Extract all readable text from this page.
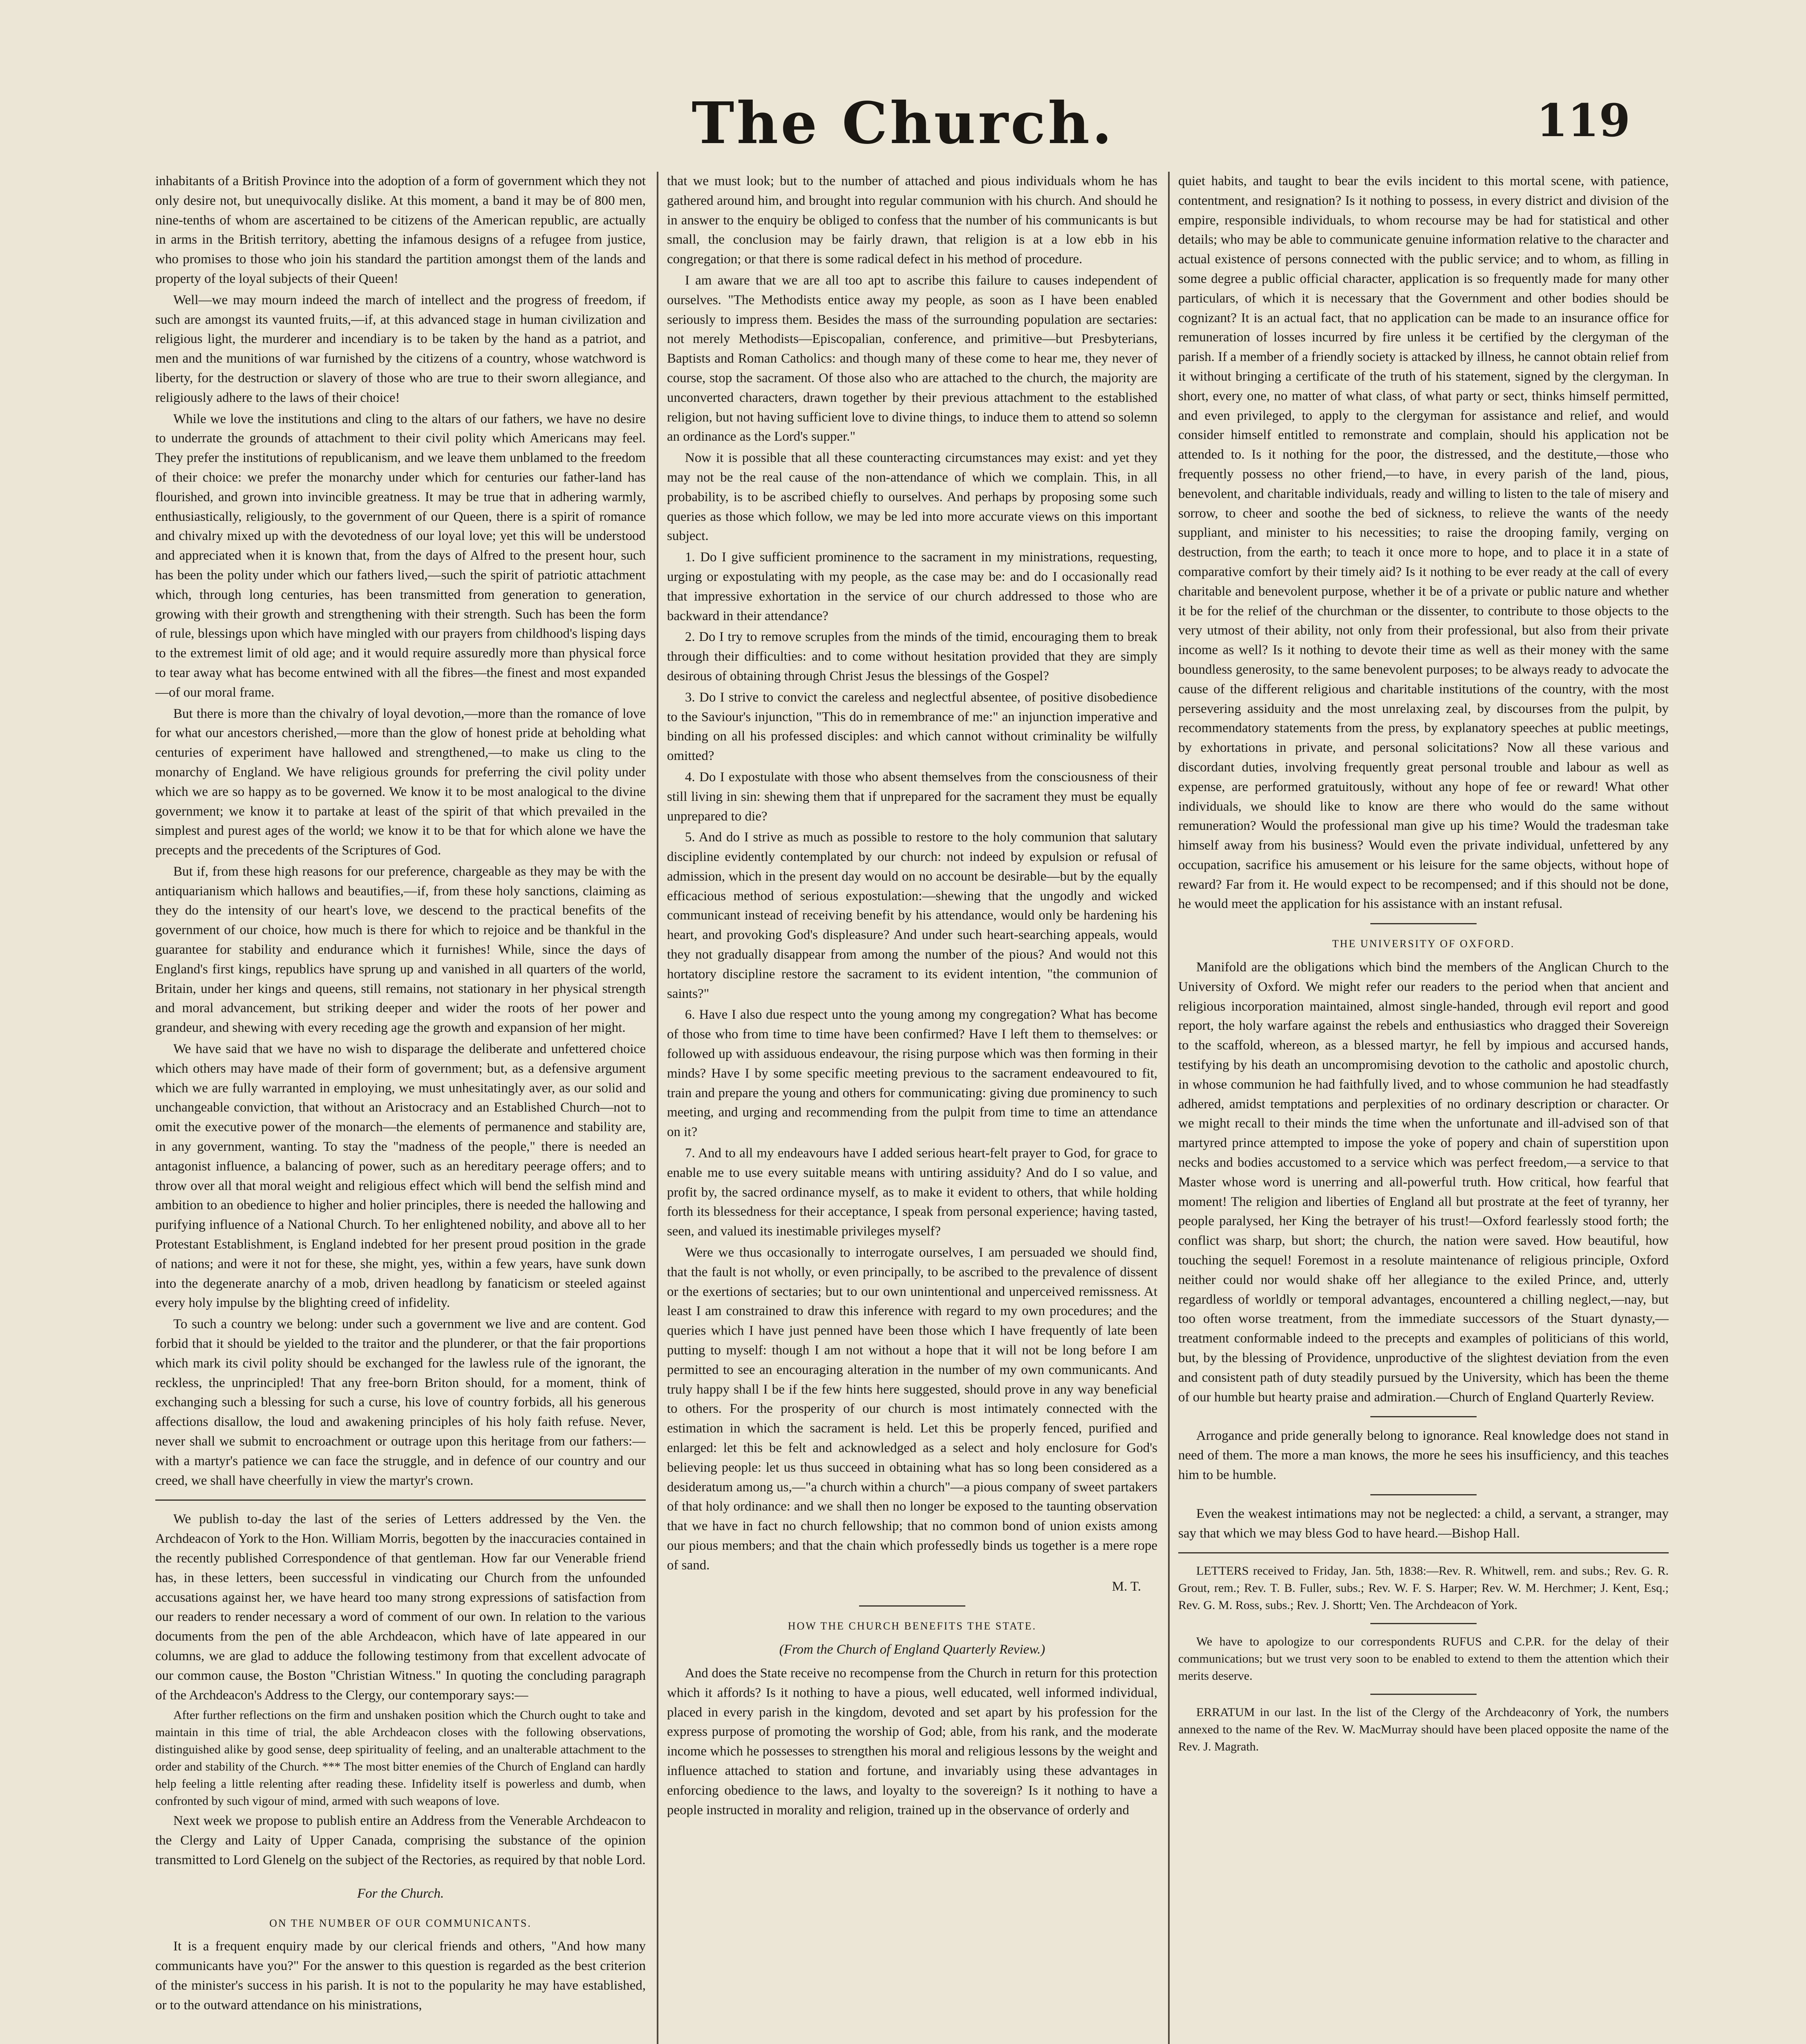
The Church.	119

inhabitants of a British Province into the adoption of a form of government which they not only desire not, but unequivocally dislike. At this moment, a band it may be of 800 men, nine-tenths of whom are ascertained to be citizens of the American republic, are actually in arms in the British territory, abetting the infamous designs of a refugee from justice, who promises to those who join his standard the partition amongst them of the lands and property of the loyal subjects of their Queen!

Well—we may mourn indeed the march of intellect and the progress of freedom, if such are amongst its vaunted fruits,—if, at this advanced stage in human civilization and religious light, the murderer and incendiary is to be taken by the hand as a patriot, and men and the munitions of war furnished by the citizens of a country, whose watchword is liberty, for the destruction or slavery of those who are true to their sworn allegiance, and religiously adhere to the laws of their choice!

While we love the institutions and cling to the altars of our fathers, we have no desire to underrate the grounds of attachment to their civil polity which Americans may feel. They prefer the institutions of republicanism, and we leave them unblamed to the freedom of their choice: we prefer the monarchy under which for centuries our father-land has flourished, and grown into invincible greatness. It may be true that in adhering warmly, enthusiastically, religiously, to the government of our Queen, there is a spirit of romance and chivalry mixed up with the devotedness of our loyal love; yet this will be understood and appreciated when it is known that, from the days of Alfred to the present hour, such has been the polity under which our fathers lived,—such the spirit of patriotic attachment which, through long centuries, has been transmitted from generation to generation, growing with their growth and strengthening with their strength. Such has been the form of rule, blessings upon which have mingled with our prayers from childhood's lisping days to the extremest limit of old age; and it would require assuredly more than physical force to tear away what has become entwined with all the fibres—the finest and most expanded—of our moral frame.

But there is more than the chivalry of loyal devotion,—more than the romance of love for what our ancestors cherished,—more than the glow of honest pride at beholding what centuries of experiment have hallowed and strengthened,—to make us cling to the monarchy of England. We have religious grounds for preferring the civil polity under which we are so happy as to be governed. We know it to be most analogical to the divine government; we know it to partake at least of the spirit of that which prevailed in the simplest and purest ages of the world; we know it to be that for which alone we have the precepts and the precedents of the Scriptures of God.

But if, from these high reasons for our preference, chargeable as they may be with the antiquarianism which hallows and beautifies,—if, from these holy sanctions, claiming as they do the intensity of our heart's love, we descend to the practical benefits of the government of our choice, how much is there for which to rejoice and be thankful in the guarantee for stability and endurance which it furnishes! While, since the days of England's first kings, republics have sprung up and vanished in all quarters of the world, Britain, under her kings and queens, still remains, not stationary in her physical strength and moral advancement, but striking deeper and wider the roots of her power and grandeur, and shewing with every receding age the growth and expansion of her might.

We have said that we have no wish to disparage the deliberate and unfettered choice which others may have made of their form of government; but, as a defensive argument which we are fully warranted in employing, we must unhesitatingly aver, as our solid and unchangeable conviction, that without an Aristocracy and an Established Church—not to omit the executive power of the monarch—the elements of permanence and stability are, in any government, wanting. To stay the "madness of the people," there is needed an antagonist influence, a balancing of power, such as an hereditary peerage offers; and to throw over all that moral weight and religious effect which will bend the selfish mind and ambition to an obedience to higher and holier principles, there is needed the hallowing and purifying influence of a National Church. To her enlightened nobility, and above all to her Protestant Establishment, is England indebted for her present proud position in the grade of nations; and were it not for these, she might, yes, within a few years, have sunk down into the degenerate anarchy of a mob, driven headlong by fanaticism or steeled against every holy impulse by the blighting creed of infidelity.

To such a country we belong: under such a government we live and are content. God forbid that it should be yielded to the traitor and the plunderer, or that the fair proportions which mark its civil polity should be exchanged for the lawless rule of the ignorant, the reckless, the unprincipled! That any free-born Briton should, for a moment, think of exchanging such a blessing for such a curse, his love of country forbids, all his generous affections disallow, the loud and awakening principles of his holy faith refuse. Never, never shall we submit to encroachment or outrage upon this heritage from our fathers:—with a martyr's patience we can face the struggle, and in defence of our country and our creed, we shall have cheerfully in view the martyr's crown.

We publish to-day the last of the series of Letters addressed by the Ven. the Archdeacon of York to the Hon. William Morris, begotten by the inaccuracies contained in the recently published Correspondence of that gentleman. How far our Venerable friend has, in these letters, been successful in vindicating our Church from the unfounded accusations against her, we have heard too many strong expressions of satisfaction from our readers to render necessary a word of comment of our own. In relation to the various documents from the pen of the able Archdeacon, which have of late appeared in our columns, we are glad to adduce the following testimony from that excellent advocate of our common cause, the Boston "Christian Witness." In quoting the concluding paragraph of the Archdeacon's Address to the Clergy, our contemporary says:—

After further reflections on the firm and unshaken position which the Church ought to take and maintain in this time of trial, the able Archdeacon closes with the following observations, distinguished alike by good sense, deep spirituality of feeling, and an unalterable attachment to the order and stability of the Church. *** The most bitter enemies of the Church of England can hardly help feeling a little relenting after reading these. Infidelity itself is powerless and dumb, when confronted by such vigour of mind, armed with such weapons of love.

Next week we propose to publish entire an Address from the Venerable Archdeacon to the Clergy and Laity of Upper Canada, comprising the substance of the opinion transmitted to Lord Glenelg on the subject of the Rectories, as required by that noble Lord.

For the Church.
ON THE NUMBER OF OUR COMMUNICANTS.

It is a frequent enquiry made by our clerical friends and others, "And how many communicants have you?" For the answer to this question is regarded as the best criterion of the minister's success in his parish. It is not to the popularity he may have established, or to the outward attendance on his ministrations,

that we must look; but to the number of attached and pious individuals whom he has gathered around him, and brought into regular communion with his church. And should he in answer to the enquiry be obliged to confess that the number of his communicants is but small, the conclusion may be fairly drawn, that religion is at a low ebb in his congregation; or that there is some radical defect in his method of procedure.

I am aware that we are all too apt to ascribe this failure to causes independent of ourselves. "The Methodists entice away my people, as soon as I have been enabled seriously to impress them. Besides the mass of the surrounding population are sectaries: not merely Methodists—Episcopalian, conference, and primitive—but Presbyterians, Baptists and Roman Catholics: and though many of these come to hear me, they never of course, stop the sacrament. Of those also who are attached to the church, the majority are unconverted characters, drawn together by their previous attachment to the established religion, but not having sufficient love to divine things, to induce them to attend so solemn an ordinance as the Lord's supper."

Now it is possible that all these counteracting circumstances may exist: and yet they may not be the real cause of the non-attendance of which we complain. This, in all probability, is to be ascribed chiefly to ourselves. And perhaps by proposing some such queries as those which follow, we may be led into more accurate views on this important subject.

1. Do I give sufficient prominence to the sacrament in my ministrations, requesting, urging or expostulating with my people, as the case may be: and do I occasionally read that impressive exhortation in the service of our church addressed to those who are backward in their attendance?

2. Do I try to remove scruples from the minds of the timid, encouraging them to break through their difficulties: and to come without hesitation provided that they are simply desirous of obtaining through Christ Jesus the blessings of the Gospel?

3. Do I strive to convict the careless and neglectful absentee, of positive disobedience to the Saviour's injunction, "This do in remembrance of me:" an injunction imperative and binding on all his professed disciples: and which cannot without criminality be wilfully omitted?

4. Do I expostulate with those who absent themselves from the consciousness of their still living in sin: shewing them that if unprepared for the sacrament they must be equally unprepared to die?

5. And do I strive as much as possible to restore to the holy communion that salutary discipline evidently contemplated by our church: not indeed by expulsion or refusal of admission, which in the present day would on no account be desirable—but by the equally efficacious method of serious expostulation:—shewing that the ungodly and wicked communicant instead of receiving benefit by his attendance, would only be hardening his heart, and provoking God's displeasure? And under such heart-searching appeals, would they not gradually disappear from among the number of the pious? And would not this hortatory discipline restore the sacrament to its evident intention, "the communion of saints?"

6. Have I also due respect unto the young among my congregation? What has become of those who from time to time have been confirmed? Have I left them to themselves: or followed up with assiduous endeavour, the rising purpose which was then forming in their minds? Have I by some specific meeting previous to the sacrament endeavoured to fit, train and prepare the young and others for communicating: giving due prominency to such meeting, and urging and recommending from the pulpit from time to time an attendance on it?

7. And to all my endeavours have I added serious heart-felt prayer to God, for grace to enable me to use every suitable means with untiring assiduity? And do I so value, and profit by, the sacred ordinance myself, as to make it evident to others, that while holding forth its blessedness for their acceptance, I speak from personal experience; having tasted, seen, and valued its inestimable privileges myself?

Were we thus occasionally to interrogate ourselves, I am persuaded we should find, that the fault is not wholly, or even principally, to be ascribed to the prevalence of dissent or the exertions of sectaries; but to our own unintentional and unperceived remissness. At least I am constrained to draw this inference with regard to my own procedures; and the queries which I have just penned have been those which I have frequently of late been putting to myself: though I am not without a hope that it will not be long before I am permitted to see an encouraging alteration in the number of my own communicants. And truly happy shall I be if the few hints here suggested, should prove in any way beneficial to others. For the prosperity of our church is most intimately connected with the estimation in which the sacrament is held. Let this be properly fenced, purified and enlarged: let this be felt and acknowledged as a select and holy enclosure for God's believing people: let us thus succeed in obtaining what has so long been considered as a desideratum among us,—"a church within a church"—a pious company of sweet partakers of that holy ordinance: and we shall then no longer be exposed to the taunting observation that we have in fact no church fellowship; that no common bond of union exists among our pious members; and that the chain which professedly binds us together is a mere rope of sand.

M. T.
HOW THE CHURCH BENEFITS THE STATE.
(From the Church of England Quarterly Review.)

And does the State receive no recompense from the Church in return for this protection which it affords? Is it nothing to have a pious, well educated, well informed individual, placed in every parish in the kingdom, devoted and set apart by his profession for the express purpose of promoting the worship of God; able, from his rank, and the moderate income which he possesses to strengthen his moral and religious lessons by the weight and influence attached to station and fortune, and invariably using these advantages in enforcing obedience to the laws, and loyalty to the sovereign? Is it nothing to have a people instructed in morality and religion, trained up in the observance of orderly and

quiet habits, and taught to bear the evils incident to this mortal scene, with patience, contentment, and resignation? Is it nothing to possess, in every district and division of the empire, responsible individuals, to whom recourse may be had for statistical and other details; who may be able to communicate genuine information relative to the character and actual existence of persons connected with the public service; and to whom, as filling in some degree a public official character, application is so frequently made for many other particulars, of which it is necessary that the Government and other bodies should be cognizant? It is an actual fact, that no application can be made to an insurance office for remuneration of losses incurred by fire unless it be certified by the clergyman of the parish. If a member of a friendly society is attacked by illness, he cannot obtain relief from it without bringing a certificate of the truth of his statement, signed by the clergyman. In short, every one, no matter of what class, of what party or sect, thinks himself permitted, and even privileged, to apply to the clergyman for assistance and relief, and would consider himself entitled to remonstrate and complain, should his application not be attended to. Is it nothing for the poor, the distressed, and the destitute,—those who frequently possess no other friend,—to have, in every parish of the land, pious, benevolent, and charitable individuals, ready and willing to listen to the tale of misery and sorrow, to cheer and soothe the bed of sickness, to relieve the wants of the needy suppliant, and minister to his necessities; to raise the drooping family, verging on destruction, from the earth; to teach it once more to hope, and to place it in a state of comparative comfort by their timely aid? Is it nothing to be ever ready at the call of every charitable and benevolent purpose, whether it be of a private or public nature and whether it be for the relief of the churchman or the dissenter, to contribute to those objects to the very utmost of their ability, not only from their professional, but also from their private income as well? Is it nothing to devote their time as well as their money with the same boundless generosity, to the same benevolent purposes; to be always ready to advocate the cause of the different religious and charitable institutions of the country, with the most persevering assiduity and the most unrelaxing zeal, by discourses from the pulpit, by recommendatory statements from the press, by explanatory speeches at public meetings, by exhortations in private, and personal solicitations? Now all these various and discordant duties, involving frequently great personal trouble and labour as well as expense, are performed gratuitously, without any hope of fee or reward! What other individuals, we should like to know are there who would do the same without remuneration? Would the professional man give up his time? Would the tradesman take himself away from his business? Would even the private individual, unfettered by any occupation, sacrifice his amusement or his leisure for the same objects, without hope of reward? Far from it. He would expect to be recompensed; and if this should not be done, he would meet the application for his assistance with an instant refusal.

THE UNIVERSITY OF OXFORD.

Manifold are the obligations which bind the members of the Anglican Church to the University of Oxford. We might refer our readers to the period when that ancient and religious incorporation maintained, almost single-handed, through evil report and good report, the holy warfare against the rebels and enthusiastics who dragged their Sovereign to the scaffold, whereon, as a blessed martyr, he fell by impious and accursed hands, testifying by his death an uncompromising devotion to the catholic and apostolic church, in whose communion he had faithfully lived, and to whose communion he had steadfastly adhered, amidst temptations and perplexities of no ordinary description or character. Or we might recall to their minds the time when the unfortunate and ill-advised son of that martyred prince attempted to impose the yoke of popery and chain of superstition upon necks and bodies accustomed to a service which was perfect freedom,—a service to that Master whose word is unerring and all-powerful truth. How critical, how fearful that moment! The religion and liberties of England all but prostrate at the feet of tyranny, her people paralysed, her King the betrayer of his trust!—Oxford fearlessly stood forth; the conflict was sharp, but short; the church, the nation were saved. How beautiful, how touching the sequel! Foremost in a resolute maintenance of religious principle, Oxford neither could nor would shake off her allegiance to the exiled Prince, and, utterly regardless of worldly or temporal advantages, encountered a chilling neglect,—nay, but too often worse treatment, from the immediate successors of the Stuart dynasty,—treatment conformable indeed to the precepts and examples of politicians of this world, but, by the blessing of Providence, unproductive of the slightest deviation from the even and consistent path of duty steadily pursued by the University, which has been the theme of our humble but hearty praise and admiration.—Church of England Quarterly Review.

Arrogance and pride generally belong to ignorance. Real knowledge does not stand in need of them. The more a man knows, the more he sees his insufficiency, and this teaches him to be humble.

Even the weakest intimations may not be neglected: a child, a servant, a stranger, may say that which we may bless God to have heard.—Bishop Hall.

LETTERS received to Friday, Jan. 5th, 1838:—Rev. R. Whitwell, rem. and subs.; Rev. G. R. Grout, rem.; Rev. T. B. Fuller, subs.; Rev. W. F. S. Harper; Rev. W. M. Herchmer; J. Kent, Esq.; Rev. G. M. Ross, subs.; Rev. J. Shortt; Ven. The Archdeacon of York.

We have to apologize to our correspondents RUFUS and C.P.R. for the delay of their communications; but we trust very soon to be enabled to extend to them the attention which their merits deserve.

ERRATUM in our last. In the list of the Clergy of the Archdeaconry of York, the numbers annexed to the name of the Rev. W. MacMurray should have been placed opposite the name of the Rev. J. Magrath.
